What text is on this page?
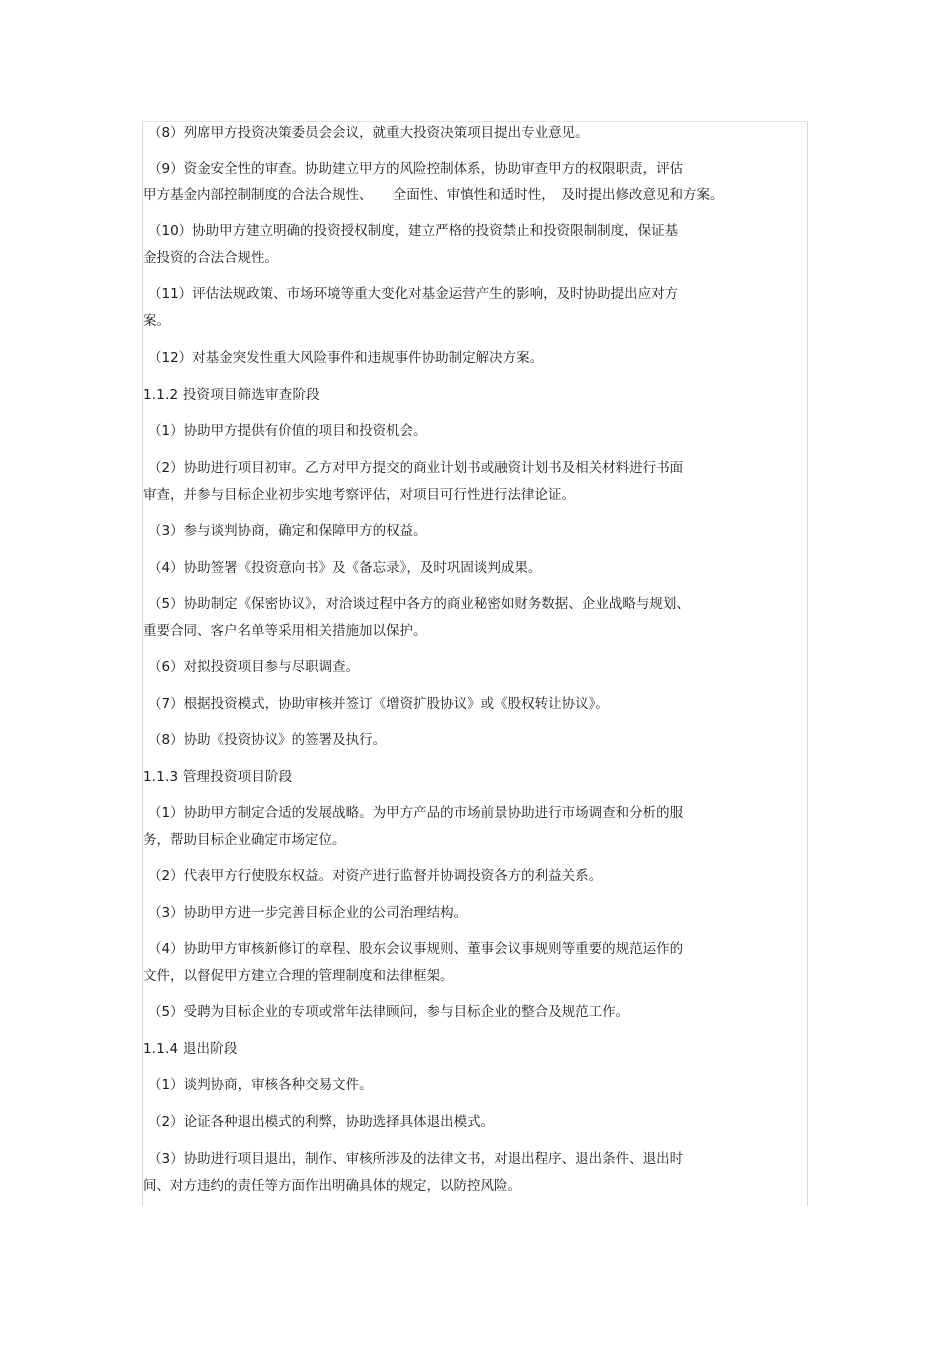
（8）列席甲方投资决策委员会会议，就重大投资决策项目提出专业意见。
（9）资金安全性的审查。协助建立甲方的风险控制体系，协助审查甲方的权限职责，评估
甲方基金内部控制制度的合法合规性、　　全面性、审慎性和适时性，　及时提出修改意见和方案。
（10）协助甲方建立明确的投资授权制度，建立严格的投资禁止和投资限制制度，保证基
金投资的合法合规性。
（11）评估法规政策、市场环境等重大变化对基金运营产生的影响，及时协助提出应对方
案。
（12）对基金突发性重大风险事件和违规事件协助制定解决方案。
1.1.2 投资项目筛选审查阶段
（1）协助甲方提供有价值的项目和投资机会。
（2）协助进行项目初审。乙方对甲方提交的商业计划书或融资计划书及相关材料进行书面
审查，并参与目标企业初步实地考察评估，对项目可行性进行法律论证。
（3）参与谈判协商，确定和保障甲方的权益。
（4）协助签署《投资意向书》及《备忘录》，及时巩固谈判成果。
（5）协助制定《保密协议》，对洽谈过程中各方的商业秘密如财务数据、企业战略与规划、
重要合同、客户名单等采用相关措施加以保护。
（6）对拟投资项目参与尽职调查。
（7）根据投资模式，协助审核并签订《增资扩股协议》或《股权转让协议》。
（8）协助《投资协议》的签署及执行。
1.1.3 管理投资项目阶段
（1）协助甲方制定合适的发展战略。为甲方产品的市场前景协助进行市场调查和分析的服
务，帮助目标企业确定市场定位。
（2）代表甲方行使股东权益。对资产进行监督并协调投资各方的利益关系。
（3）协助甲方进一步完善目标企业的公司治理结构。
（4）协助甲方审核新修订的章程、股东会议事规则、董事会议事规则等重要的规范运作的
文件，以督促甲方建立合理的管理制度和法律框架。
（5）受聘为目标企业的专项或常年法律顾问，参与目标企业的整合及规范工作。
1.1.4 退出阶段
（1）谈判协商，审核各种交易文件。
（2）论证各种退出模式的利弊，协助选择具体退出模式。
（3）协助进行项目退出，制作、审核所涉及的法律文书，对退出程序、退出条件、退出时
间、对方违约的责任等方面作出明确具体的规定，以防控风险。
